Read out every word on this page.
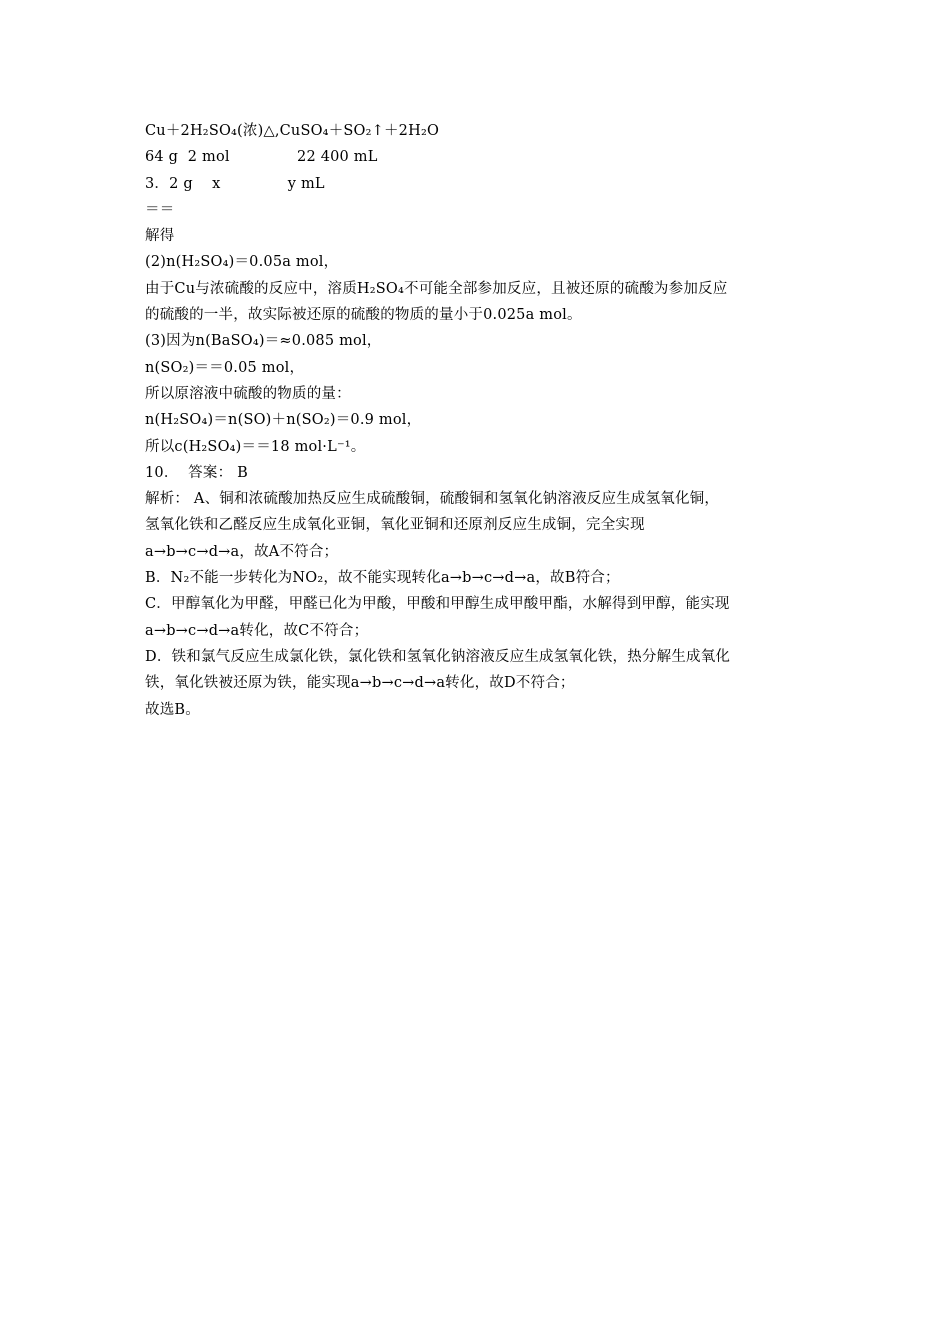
Cu＋2H₂SO₄(浓)△,CuSO₄＋SO₂↑＋2H₂O
64 g  2 mol              22 400 mL
3．2 g    x              y mL
＝＝
解得
(2)n(H₂SO₄)＝0.05a mol，
由于Cu与浓硫酸的反应中，溶质H₂SO₄不可能全部参加反应，且被还原的硫酸为参加反应
的硫酸的一半，故实际被还原的硫酸的物质的量小于0.025a mol。
(3)因为n(BaSO₄)＝≈0.085 mol，
n(SO₂)＝＝0.05 mol，
所以原溶液中硫酸的物质的量：
n(H₂SO₄)＝n(SO)＋n(SO₂)＝0.9 mol，
所以c(H₂SO₄)＝＝18 mol·L⁻¹。
10．  答案： B
解析： A、铜和浓硫酸加热反应生成硫酸铜，硫酸铜和氢氧化钠溶液反应生成氢氧化铜，
氢氧化铁和乙醛反应生成氧化亚铜，氧化亚铜和还原剂反应生成铜，完全实现
a→b→c→d→a，故A不符合；
B．N₂不能一步转化为NO₂，故不能实现转化a→b→c→d→a，故B符合；
C．甲醇氧化为甲醛，甲醛已化为甲酸，甲酸和甲醇生成甲酸甲酯，水解得到甲醇，能实现
a→b→c→d→a转化，故C不符合；
D．铁和氯气反应生成氯化铁，氯化铁和氢氧化钠溶液反应生成氢氧化铁，热分解生成氧化
铁，氧化铁被还原为铁，能实现a→b→c→d→a转化，故D不符合；
故选B。
